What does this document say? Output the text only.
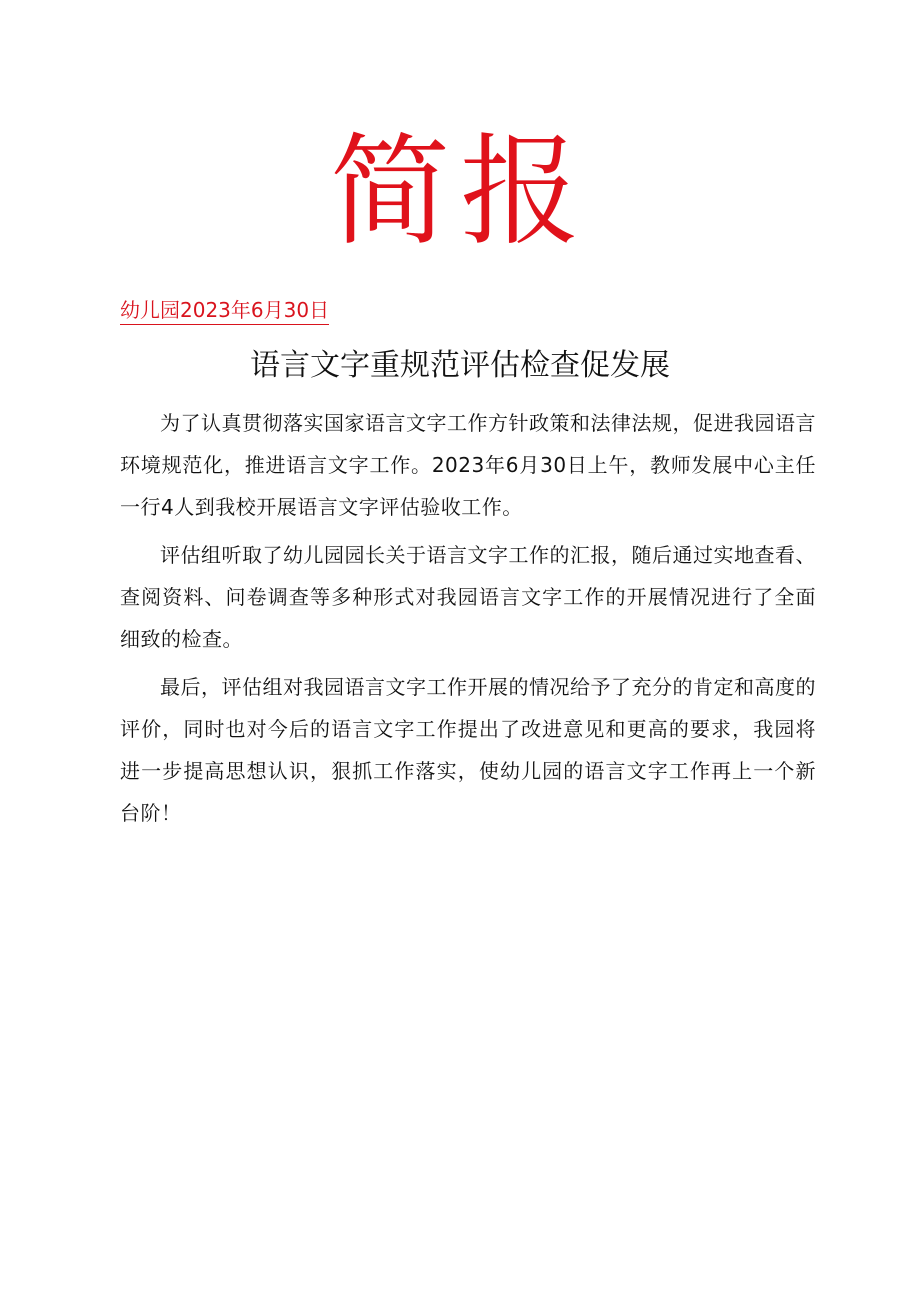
简报
幼儿园2023年6月30日
语言文字重规范评估检查促发展

为了认真贯彻落实国家语言文字工作方针政策和法律法规，促进我园语言环境规范化，推进语言文字工作。2023年6月30日上午，教师发展中心主任一行4人到我校开展语言文字评估验收工作。

评估组听取了幼儿园园长关于语言文字工作的汇报，随后通过实地查看、查阅资料、问卷调查等多种形式对我园语言文字工作的开展情况进行了全面细致的检查。

最后，评估组对我园语言文字工作开展的情况给予了充分的肯定和高度的评价，同时也对今后的语言文字工作提出了改进意见和更高的要求，我园将进一步提高思想认识，狠抓工作落实，使幼儿园的语言文字工作再上一个新台阶！
